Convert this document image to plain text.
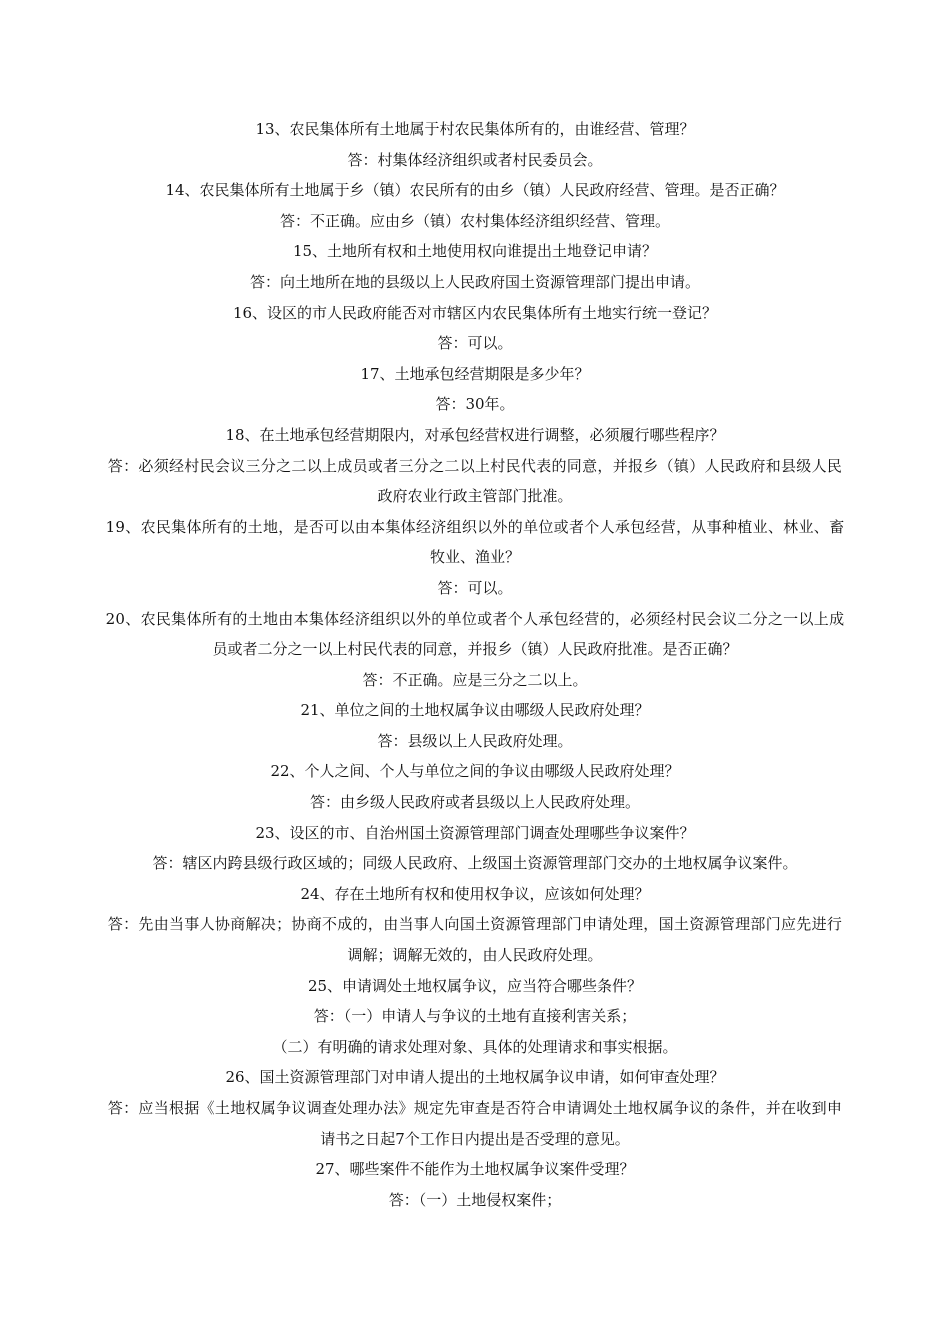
13、农民集体所有土地属于村农民集体所有的，由谁经营、管理？
答：村集体经济组织或者村民委员会。
14、农民集体所有土地属于乡（镇）农民所有的由乡（镇）人民政府经营、管理。是否正确？
答：不正确。应由乡（镇）农村集体经济组织经营、管理。
15、土地所有权和土地使用权向谁提出土地登记申请？
答：向土地所在地的县级以上人民政府国土资源管理部门提出申请。
16、设区的市人民政府能否对市辖区内农民集体所有土地实行统一登记？
答：可以。
17、土地承包经营期限是多少年？
答：30年。
18、在土地承包经营期限内，对承包经营权进行调整，必须履行哪些程序？
答：必须经村民会议三分之二以上成员或者三分之二以上村民代表的同意，并报乡（镇）人民政府和县级人民
政府农业行政主管部门批准。
19、农民集体所有的土地，是否可以由本集体经济组织以外的单位或者个人承包经营，从事种植业、林业、畜
牧业、渔业？
答：可以。
20、农民集体所有的土地由本集体经济组织以外的单位或者个人承包经营的，必须经村民会议二分之一以上成
员或者二分之一以上村民代表的同意，并报乡（镇）人民政府批准。是否正确？
答：不正确。应是三分之二以上。
21、单位之间的土地权属争议由哪级人民政府处理？
答：县级以上人民政府处理。
22、个人之间、个人与单位之间的争议由哪级人民政府处理？
答：由乡级人民政府或者县级以上人民政府处理。
23、设区的市、自治州国土资源管理部门调查处理哪些争议案件？
答：辖区内跨县级行政区域的；同级人民政府、上级国土资源管理部门交办的土地权属争议案件。
24、存在土地所有权和使用权争议，应该如何处理？
答：先由当事人协商解决；协商不成的，由当事人向国土资源管理部门申请处理，国土资源管理部门应先进行
调解；调解无效的，由人民政府处理。
25、申请调处土地权属争议，应当符合哪些条件？
答：（一）申请人与争议的土地有直接利害关系；
（二）有明确的请求处理对象、具体的处理请求和事实根据。
26、国土资源管理部门对申请人提出的土地权属争议申请，如何审查处理？
答：应当根据《土地权属争议调查处理办法》规定先审查是否符合申请调处土地权属争议的条件，并在收到申
请书之日起7个工作日内提出是否受理的意见。
27、哪些案件不能作为土地权属争议案件受理？
答：（一）土地侵权案件；
